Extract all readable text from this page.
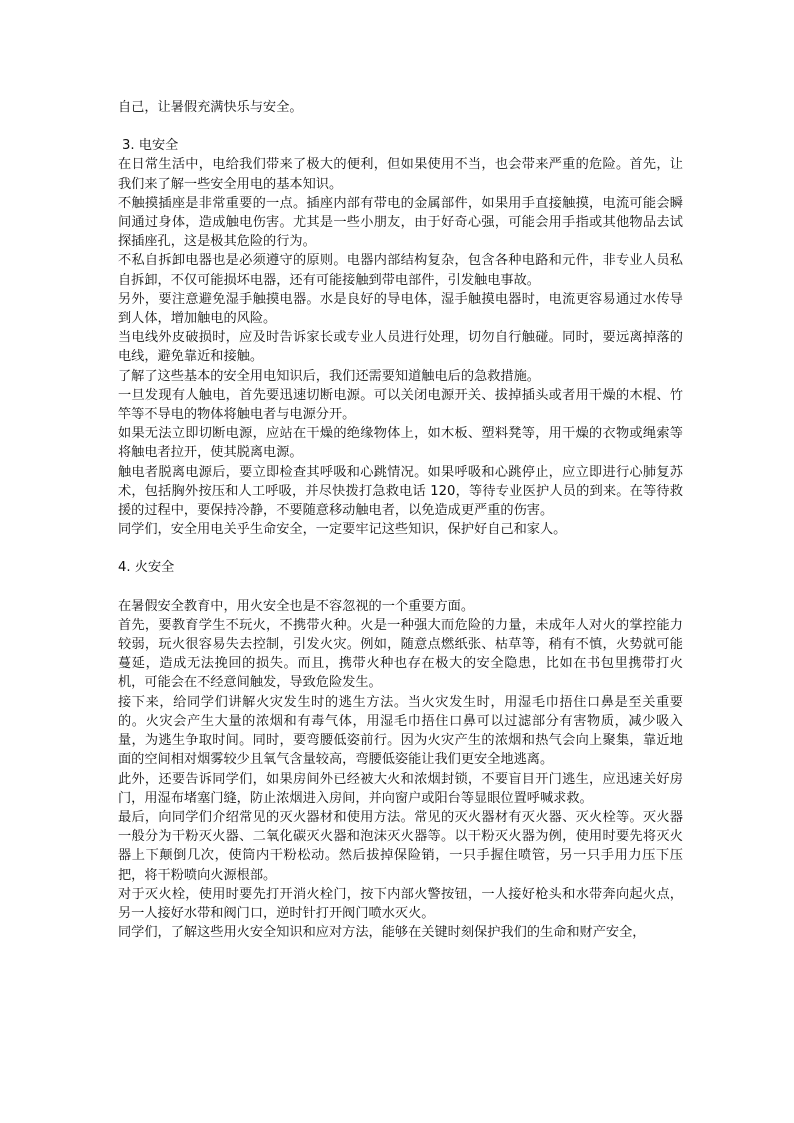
自己，让暑假充满快乐与安全。

3. 电安全

在日常生活中，电给我们带来了极大的便利，但如果使用不当，也会带来严重的危险。首先，让我们来了解一些安全用电的基本知识。

不触摸插座是非常重要的一点。插座内部有带电的金属部件，如果用手直接触摸，电流可能会瞬间通过身体，造成触电伤害。尤其是一些小朋友，由于好奇心强，可能会用手指或其他物品去试探插座孔，这是极其危险的行为。

不私自拆卸电器也是必须遵守的原则。电器内部结构复杂，包含各种电路和元件，非专业人员私自拆卸，不仅可能损坏电器，还有可能接触到带电部件，引发触电事故。

另外，要注意避免湿手触摸电器。水是良好的导电体，湿手触摸电器时，电流更容易通过水传导到人体，增加触电的风险。

当电线外皮破损时，应及时告诉家长或专业人员进行处理，切勿自行触碰。同时，要远离掉落的电线，避免靠近和接触。

了解了这些基本的安全用电知识后，我们还需要知道触电后的急救措施。

一旦发现有人触电，首先要迅速切断电源。可以关闭电源开关、拔掉插头或者用干燥的木棍、竹竿等不导电的物体将触电者与电源分开。

如果无法立即切断电源，应站在干燥的绝缘物体上，如木板、塑料凳等，用干燥的衣物或绳索等将触电者拉开，使其脱离电源。

触电者脱离电源后，要立即检查其呼吸和心跳情况。如果呼吸和心跳停止，应立即进行心肺复苏术，包括胸外按压和人工呼吸，并尽快拨打急救电话 120，等待专业医护人员的到来。在等待救援的过程中，要保持冷静，不要随意移动触电者，以免造成更严重的伤害。

同学们，安全用电关乎生命安全，一定要牢记这些知识，保护好自己和家人。

4. 火安全

在暑假安全教育中，用火安全也是不容忽视的一个重要方面。

首先，要教育学生不玩火，不携带火种。火是一种强大而危险的力量，未成年人对火的掌控能力较弱，玩火很容易失去控制，引发火灾。例如，随意点燃纸张、枯草等，稍有不慎，火势就可能蔓延，造成无法挽回的损失。而且，携带火种也存在极大的安全隐患，比如在书包里携带打火机，可能会在不经意间触发，导致危险发生。

接下来，给同学们讲解火灾发生时的逃生方法。当火灾发生时，用湿毛巾捂住口鼻是至关重要的。火灾会产生大量的浓烟和有毒气体，用湿毛巾捂住口鼻可以过滤部分有害物质，减少吸入量，为逃生争取时间。同时，要弯腰低姿前行。因为火灾产生的浓烟和热气会向上聚集，靠近地面的空间相对烟雾较少且氧气含量较高，弯腰低姿能让我们更安全地逃离。

此外，还要告诉同学们，如果房间外已经被大火和浓烟封锁，不要盲目开门逃生，应迅速关好房门，用湿布堵塞门缝，防止浓烟进入房间，并向窗户或阳台等显眼位置呼喊求救。

最后，向同学们介绍常见的灭火器材和使用方法。常见的灭火器材有灭火器、灭火栓等。灭火器一般分为干粉灭火器、二氧化碳灭火器和泡沫灭火器等。以干粉灭火器为例，使用时要先将灭火器上下颠倒几次，使筒内干粉松动。然后拔掉保险销，一只手握住喷管，另一只手用力压下压把，将干粉喷向火源根部。

对于灭火栓，使用时要先打开消火栓门，按下内部火警按钮，一人接好枪头和水带奔向起火点，另一人接好水带和阀门口，逆时针打开阀门喷水灭火。

同学们，了解这些用火安全知识和应对方法，能够在关键时刻保护我们的生命和财产安全，
